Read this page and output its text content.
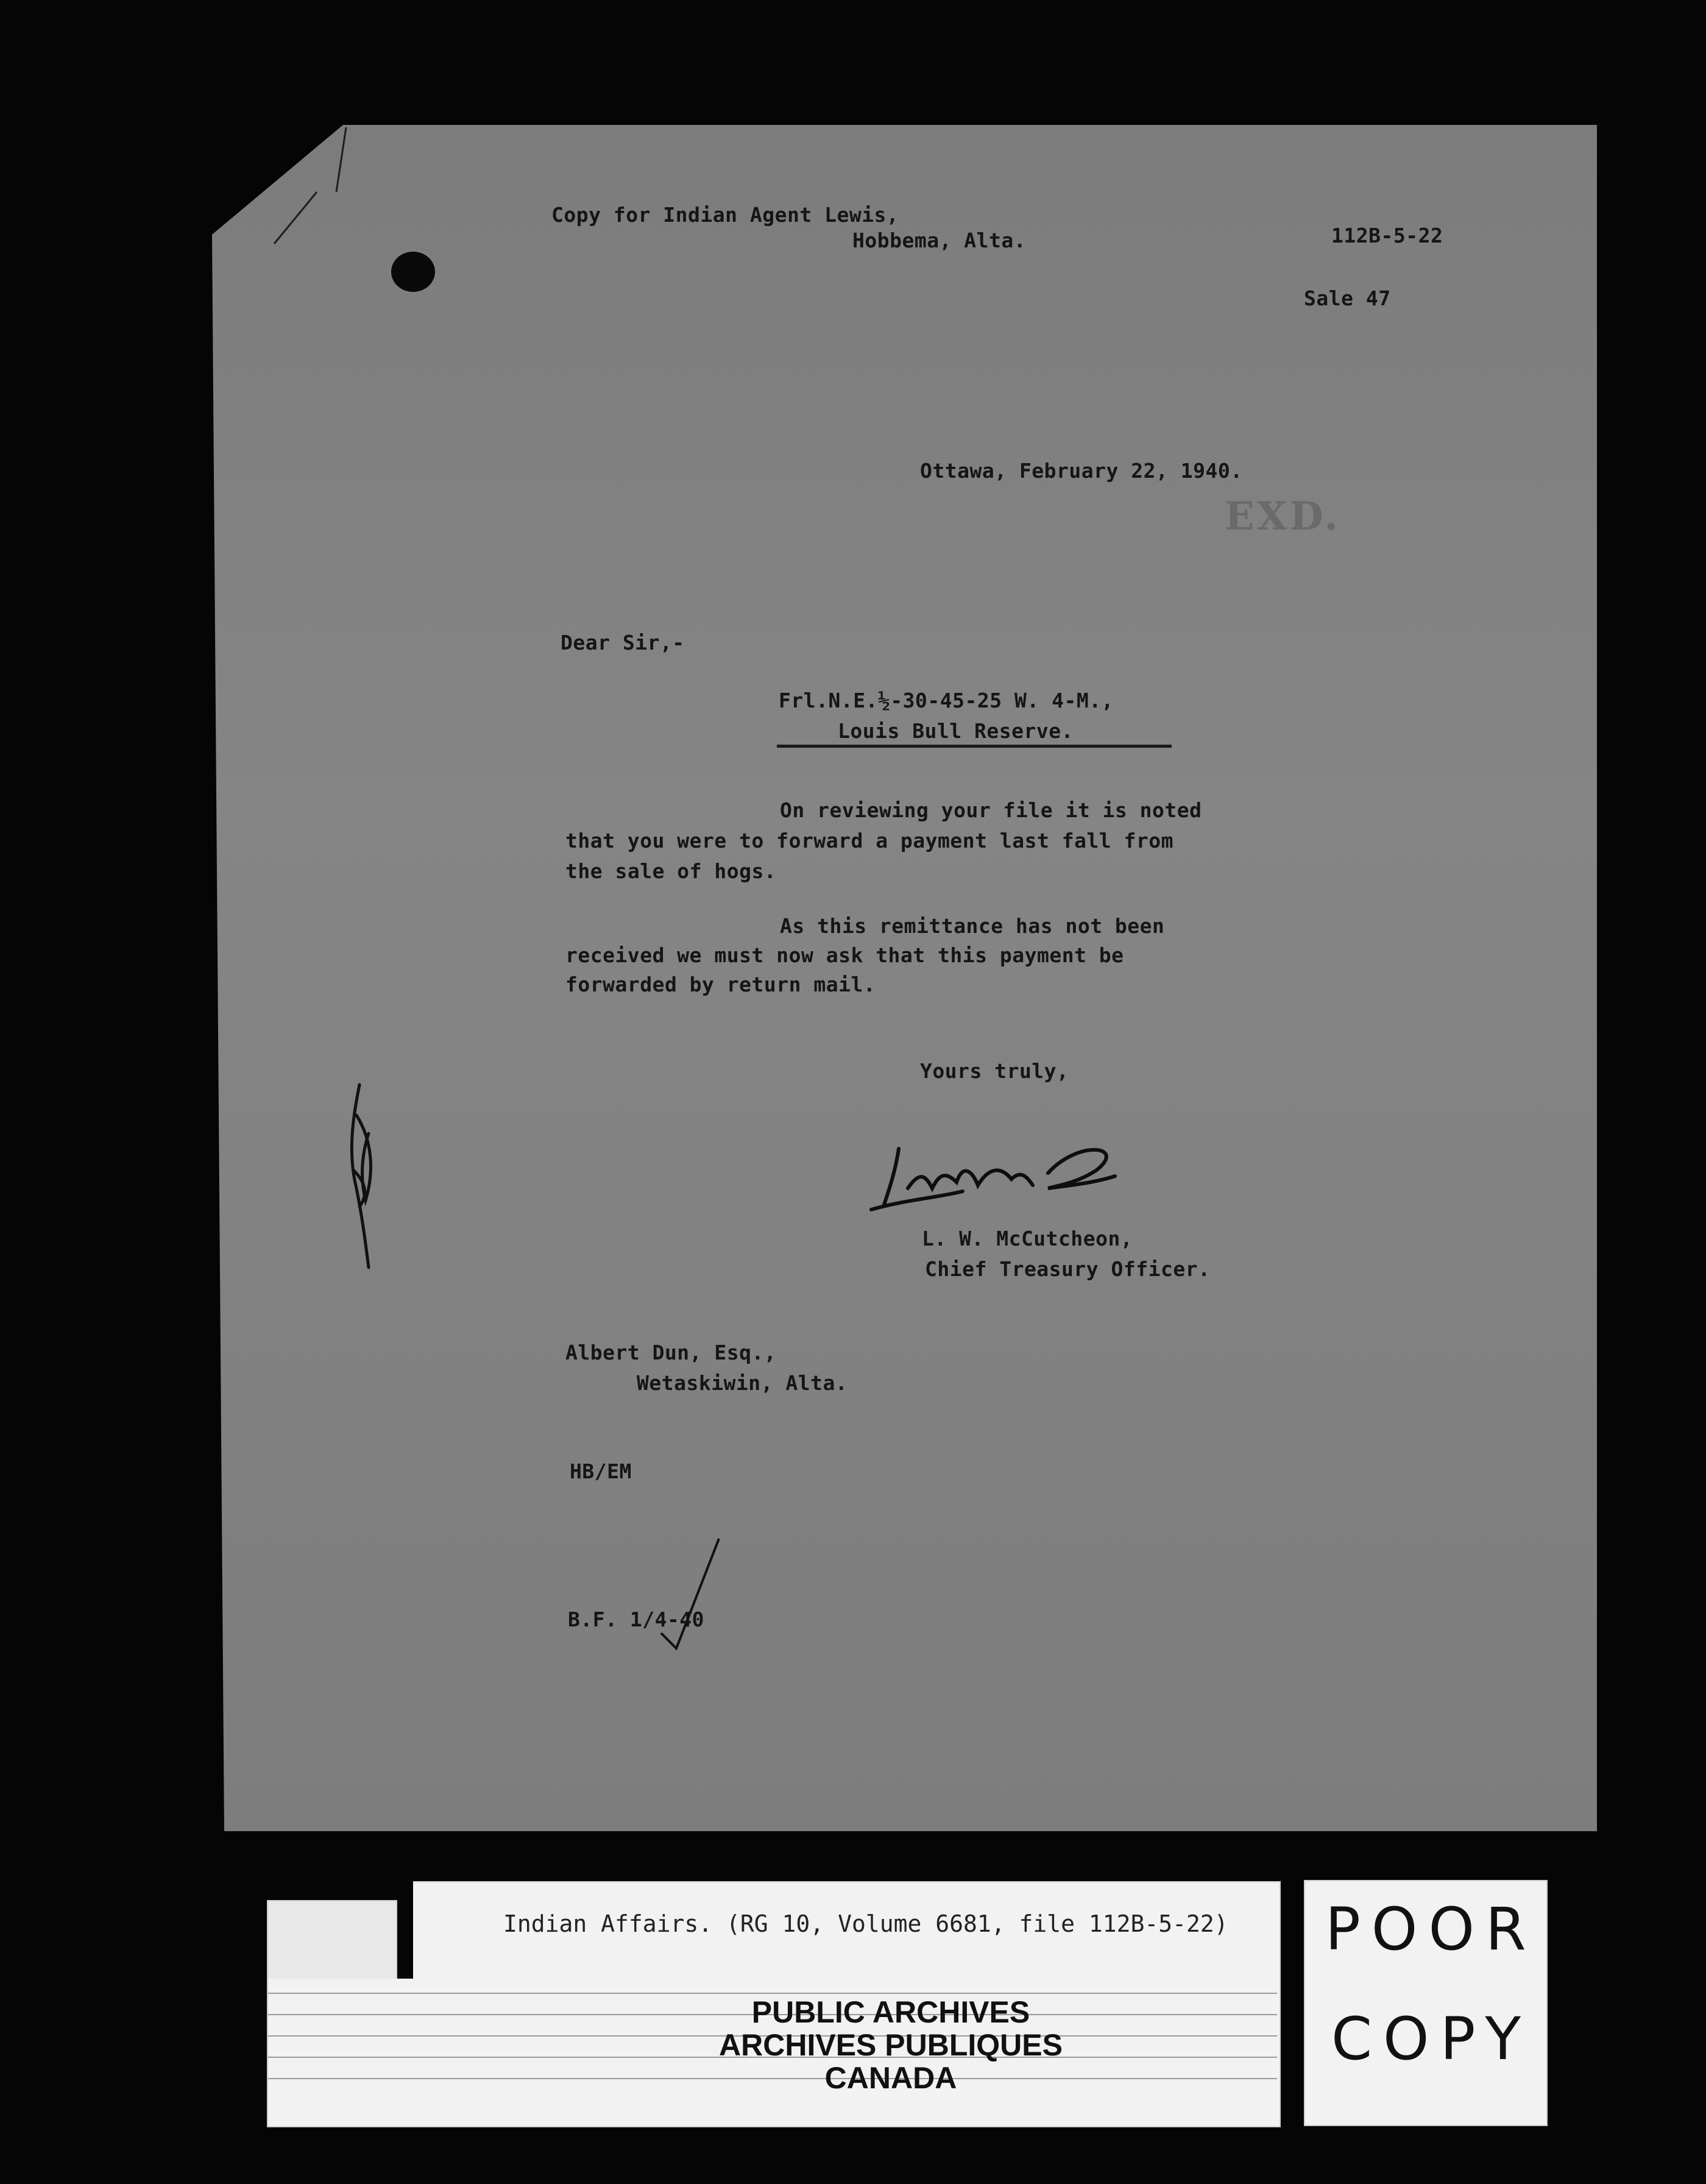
Copy for Indian Agent Lewis,
Hobbema, Alta.	112B-5-22
Sale 47
Ottawa, February 22, 1940.
EXD.
Dear Sir,-
Frl.N.E.½-30-45-25 W. 4-M.,
Louis Bull Reserve.
On reviewing your file it is noted
that you were to forward a payment last fall from
the sale of hogs.
As this remittance has not been
received we must now ask that this payment be
forwarded by return mail.
Yours truly,
L. W. McCutcheon,
Chief Treasury Officer.
Albert Dun, Esq.,
Wetaskiwin, Alta.
HB/EM
B.F. 1/4-40
Indian Affairs. (RG 10, Volume 6681, file 112B-5-22)
PUBLIC ARCHIVES
ARCHIVES PUBLIQUES
CANADA
POOR
COPY
